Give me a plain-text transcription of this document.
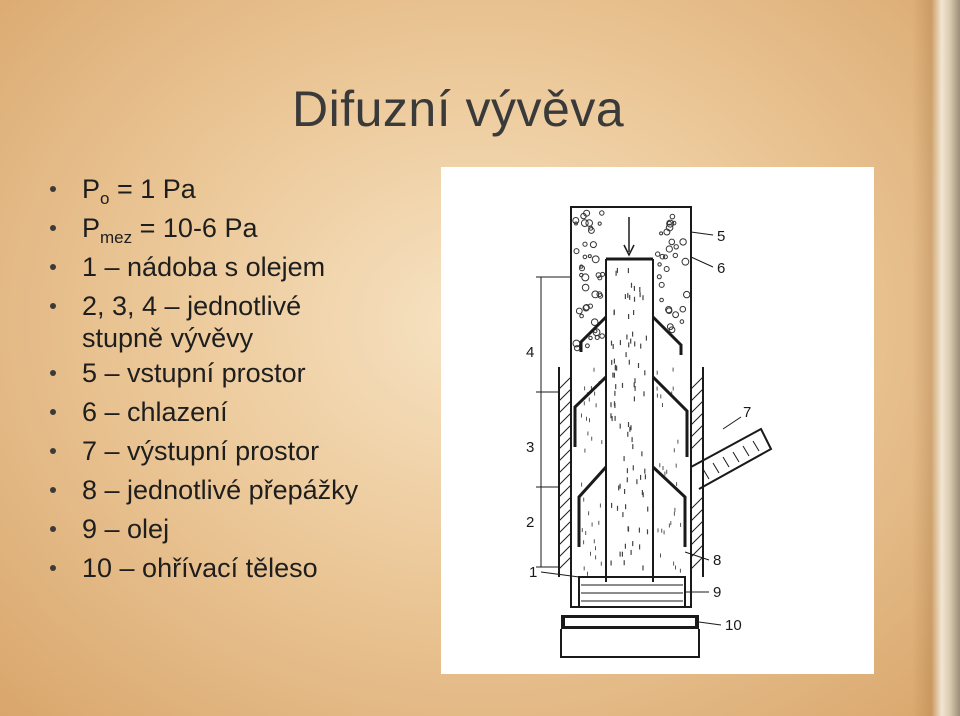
Difuzní vývěva
$P_o = 1$ Pa
$P_{mez} = 10-6$ Pa
1 – nádoba s olejem
2, 3, 4 – jednotlivé
stupně vývěvy
5 – vstupní prostor
6 – chlazení
7 – výstupní prostor
8 – jednotlivé přepážky
9 – olej
10 – ohřívací těleso
5
6
4
7
3
2
1
8
9
10
